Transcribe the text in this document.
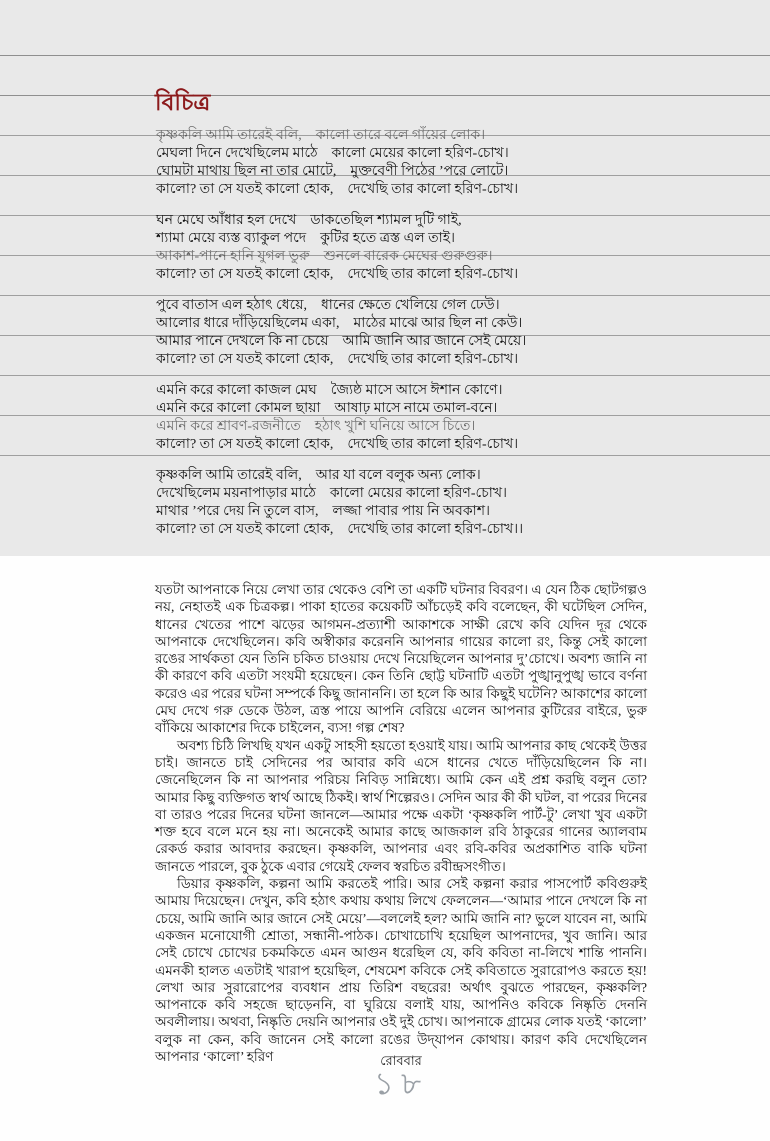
বিচিত্র
কৃষ্ণকলি আমি তারেই বলি, কালো তারে বলে গাঁয়ের লোক।
মেঘলা দিনে দেখেছিলেম মাঠে কালো মেয়ের কালো হরিণ-চোখ।
ঘোমটা মাথায় ছিল না তার মোটে, মুক্তবেণী পিঠের ’পরে লোটে।
কালো? তা সে যতই কালো হোক, দেখেছি তার কালো হরিণ-চোখ।
ঘন মেঘে আঁধার হল দেখে ডাকতেছিল শ্যামল দুটি গাই,
শ্যামা মেয়ে ব্যস্ত ব্যাকুল পদে কুটির হতে ত্রস্ত এল তাই।
আকাশ-পানে হানি যুগল ভুরু শুনলে বারেক মেঘের গুরুগুরু।
কালো? তা সে যতই কালো হোক, দেখেছি তার কালো হরিণ-চোখ।
পুবে বাতাস এল হঠাৎ ধেয়ে, ধানের ক্ষেতে খেলিয়ে গেল ঢেউ।
আলোর ধারে দাঁড়িয়েছিলেম একা, মাঠের মাঝে আর ছিল না কেউ।
আমার পানে দেখলে কি না চেয়ে আমি জানি আর জানে সেই মেয়ে।
কালো? তা সে যতই কালো হোক, দেখেছি তার কালো হরিণ-চোখ।
এমনি করে কালো কাজল মেঘ জ্যৈষ্ঠ মাসে আসে ঈশান কোণে।
এমনি করে কালো কোমল ছায়া আষাঢ় মাসে নামে তমাল-বনে।
এমনি করে শ্রাবণ-রজনীতে হঠাৎ খুশি ঘনিয়ে আসে চিতে।
কালো? তা সে যতই কালো হোক, দেখেছি তার কালো হরিণ-চোখ।
কৃষ্ণকলি আমি তারেই বলি, আর যা বলে বলুক অন্য লোক।
দেখেছিলেম ময়নাপাড়ার মাঠে কালো মেয়ের কালো হরিণ-চোখ।
মাথার ’পরে দেয় নি তুলে বাস, লজ্জা পাবার পায় নি অবকাশ।
কালো? তা সে যতই কালো হোক, দেখেছি তার কালো হরিণ-চোখ।।

যতটা আপনাকে নিয়ে লেখা তার থেকেও বেশি তা একটি ঘটনার বিবরণ। এ যেন ঠিক ছোটগল্পও নয়, নেহাতই এক চিত্রকল্প। পাকা হাতের কয়েকটি আঁচড়েই কবি বলেছেন, কী ঘটেছিল সেদিন, ধানের খেতের পাশে ঝড়ের আগমন-প্রত্যাশী আকাশকে সাক্ষী রেখে কবি যেদিন দূর থেকে আপনাকে দেখেছিলেন। কবি অস্বীকার করেননি আপনার গায়ের কালো রং, কিন্তু সেই কালো রঙের সার্থকতা যেন তিনি চকিত চাওয়ায় দেখে নিয়েছিলেন আপনার দু’চোখে। অবশ্য জানি না কী কারণে কবি এতটা সংযমী হয়েছেন। কেন তিনি ছোট্ট ঘটনাটি এতটা পুঙ্খানুপুঙ্খ ভাবে বর্ণনা করেও এর পরের ঘটনা সম্পর্কে কিছু জানাননি। তা হলে কি আর কিছুই ঘটেনি? আকাশের কালো মেঘ দেখে গরু ডেকে উঠল, ত্রস্ত পায়ে আপনি বেরিয়ে এলেন আপনার কুটিরের বাইরে, ভুরু বাঁকিয়ে আকাশের দিকে চাইলেন, ব্যস! গল্প শেষ?

অবশ্য চিঠি লিখছি যখন একটু সাহসী হয়তো হওয়াই যায়। আমি আপনার কাছ থেকেই উত্তর চাই। জানতে চাই সেদিনের পর আবার কবি এসে ধানের খেতে দাঁড়িয়েছিলেন কি না। জেনেছিলেন কি না আপনার পরিচয় নিবিড় সান্নিধ্যে। আমি কেন এই প্রশ্ন করছি বলুন তো? আমার কিছু ব্যক্তিগত স্বার্থ আছে ঠিকই। স্বার্থ শিল্পেরও। সেদিন আর কী কী ঘটল, বা পরের দিনের বা তারও পরের দিনের ঘটনা জানলে—আমার পক্ষে একটা ‘কৃষ্ণকলি পার্ট-টু’ লেখা খুব একটা শক্ত হবে বলে মনে হয় না। অনেকেই আমার কাছে আজকাল রবি ঠাকুরের গানের অ্যালবাম রেকর্ড করার আবদার করছেন। কৃষ্ণকলি, আপনার এবং রবি-কবির অপ্রকাশিত বাকি ঘটনা জানতে পারলে, বুক ঠুকে এবার গেয়েই ফেলব স্বরচিত রবীন্দ্রসংগীত।

ডিয়ার কৃষ্ণকলি, কল্পনা আমি করতেই পারি। আর সেই কল্পনা করার পাসপোর্ট কবিগুরুই আমায় দিয়েছেন। দেখুন, কবি হঠাৎ কথায় কথায় লিখে ফেললেন—‘আমার পানে দেখলে কি না চেয়ে, আমি জানি আর জানে সেই মেয়ে’—বললেই হল? আমি জানি না? ভুলে যাবেন না, আমি একজন মনোযোগী শ্রোতা, সন্ধানী-পাঠক। চোখাচোখি হয়েছিল আপনাদের, খুব জানি। আর সেই চোখে চোখের চকমকিতে এমন আগুন ধরেছিল যে, কবি কবিতা না-লিখে শান্তি পাননি। এমনকী হালত এতটাই খারাপ হয়েছিল, শেষমেশ কবিকে সেই কবিতাতে সুরারোপও করতে হয়! লেখা আর সুরারোপের ব্যবধান প্রায় তিরিশ বছরের! অর্থাৎ বুঝতে পারছেন, কৃষ্ণকলি? আপনাকে কবি সহজে ছাড়েননি, বা ঘুরিয়ে বলাই যায়, আপনিও কবিকে নিষ্কৃতি দেননি অবলীলায়। অথবা, নিষ্কৃতি দেয়নি আপনার ওই দুই চোখ। আপনাকে গ্রামের লোক যতই ‘কালো’ বলুক না কেন, কবি জানেন সেই কালো রঙের উদ্‌যাপন কোথায়। কারণ কবি দেখেছিলেন আপনার ‘কালো’ হরিণ	রোববার
১৮
